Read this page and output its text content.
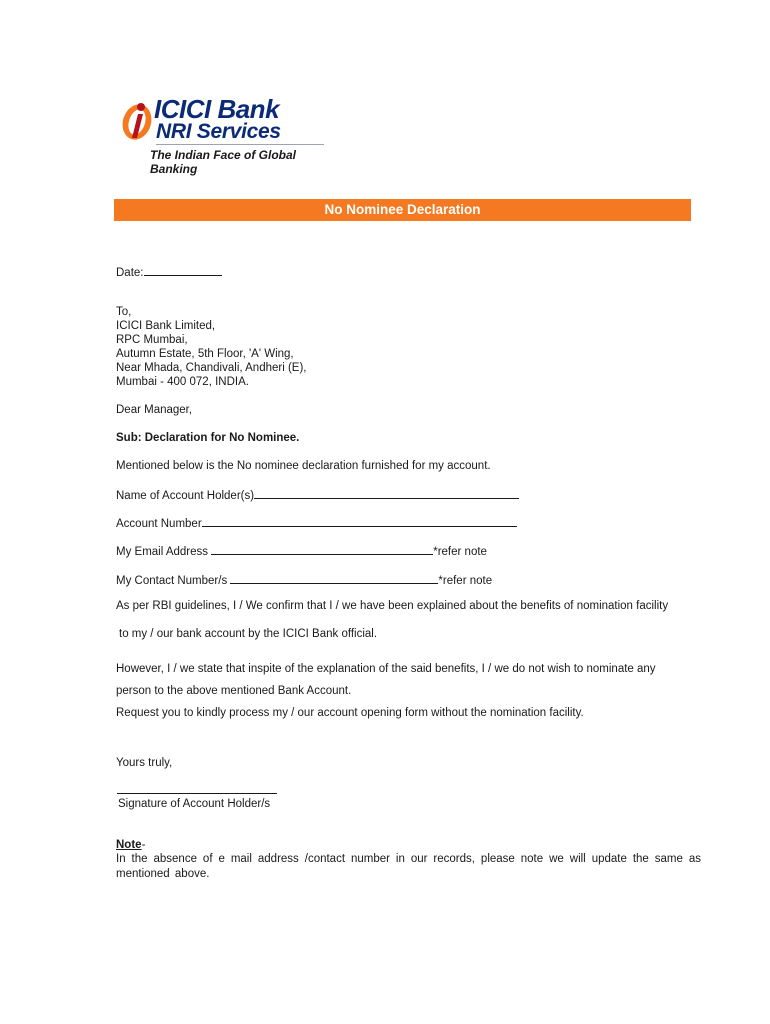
ICICI Bank
NRI Services
The Indian Face of Global Banking
No Nominee Declaration
Date:
To,
ICICI Bank Limited,
RPC Mumbai,
Autumn Estate, 5th Floor, 'A' Wing,
Near Mhada, Chandivali, Andheri (E),
Mumbai - 400 072, INDIA.
Dear Manager,
Sub: Declaration for No Nominee.
Mentioned below is the No nominee declaration furnished for my account.
Name of Account Holder(s)
Account Number
My Email Address	*refer note
My Contact Number/s	*refer note
As per RBI guidelines, I / We confirm that I / we have been explained about the benefits of nomination facility
to my / our bank account by the ICICI Bank official.
However, I / we state that inspite of the explanation of the said benefits, I / we do not wish to nominate any
person to the above mentioned Bank Account.
Request you to kindly process my / our account opening form without the nomination facility.
Yours truly,
Signature of Account Holder/s
Note-
In the absence of e mail address /contact number in our records, please note we will update the same as mentioned above.
